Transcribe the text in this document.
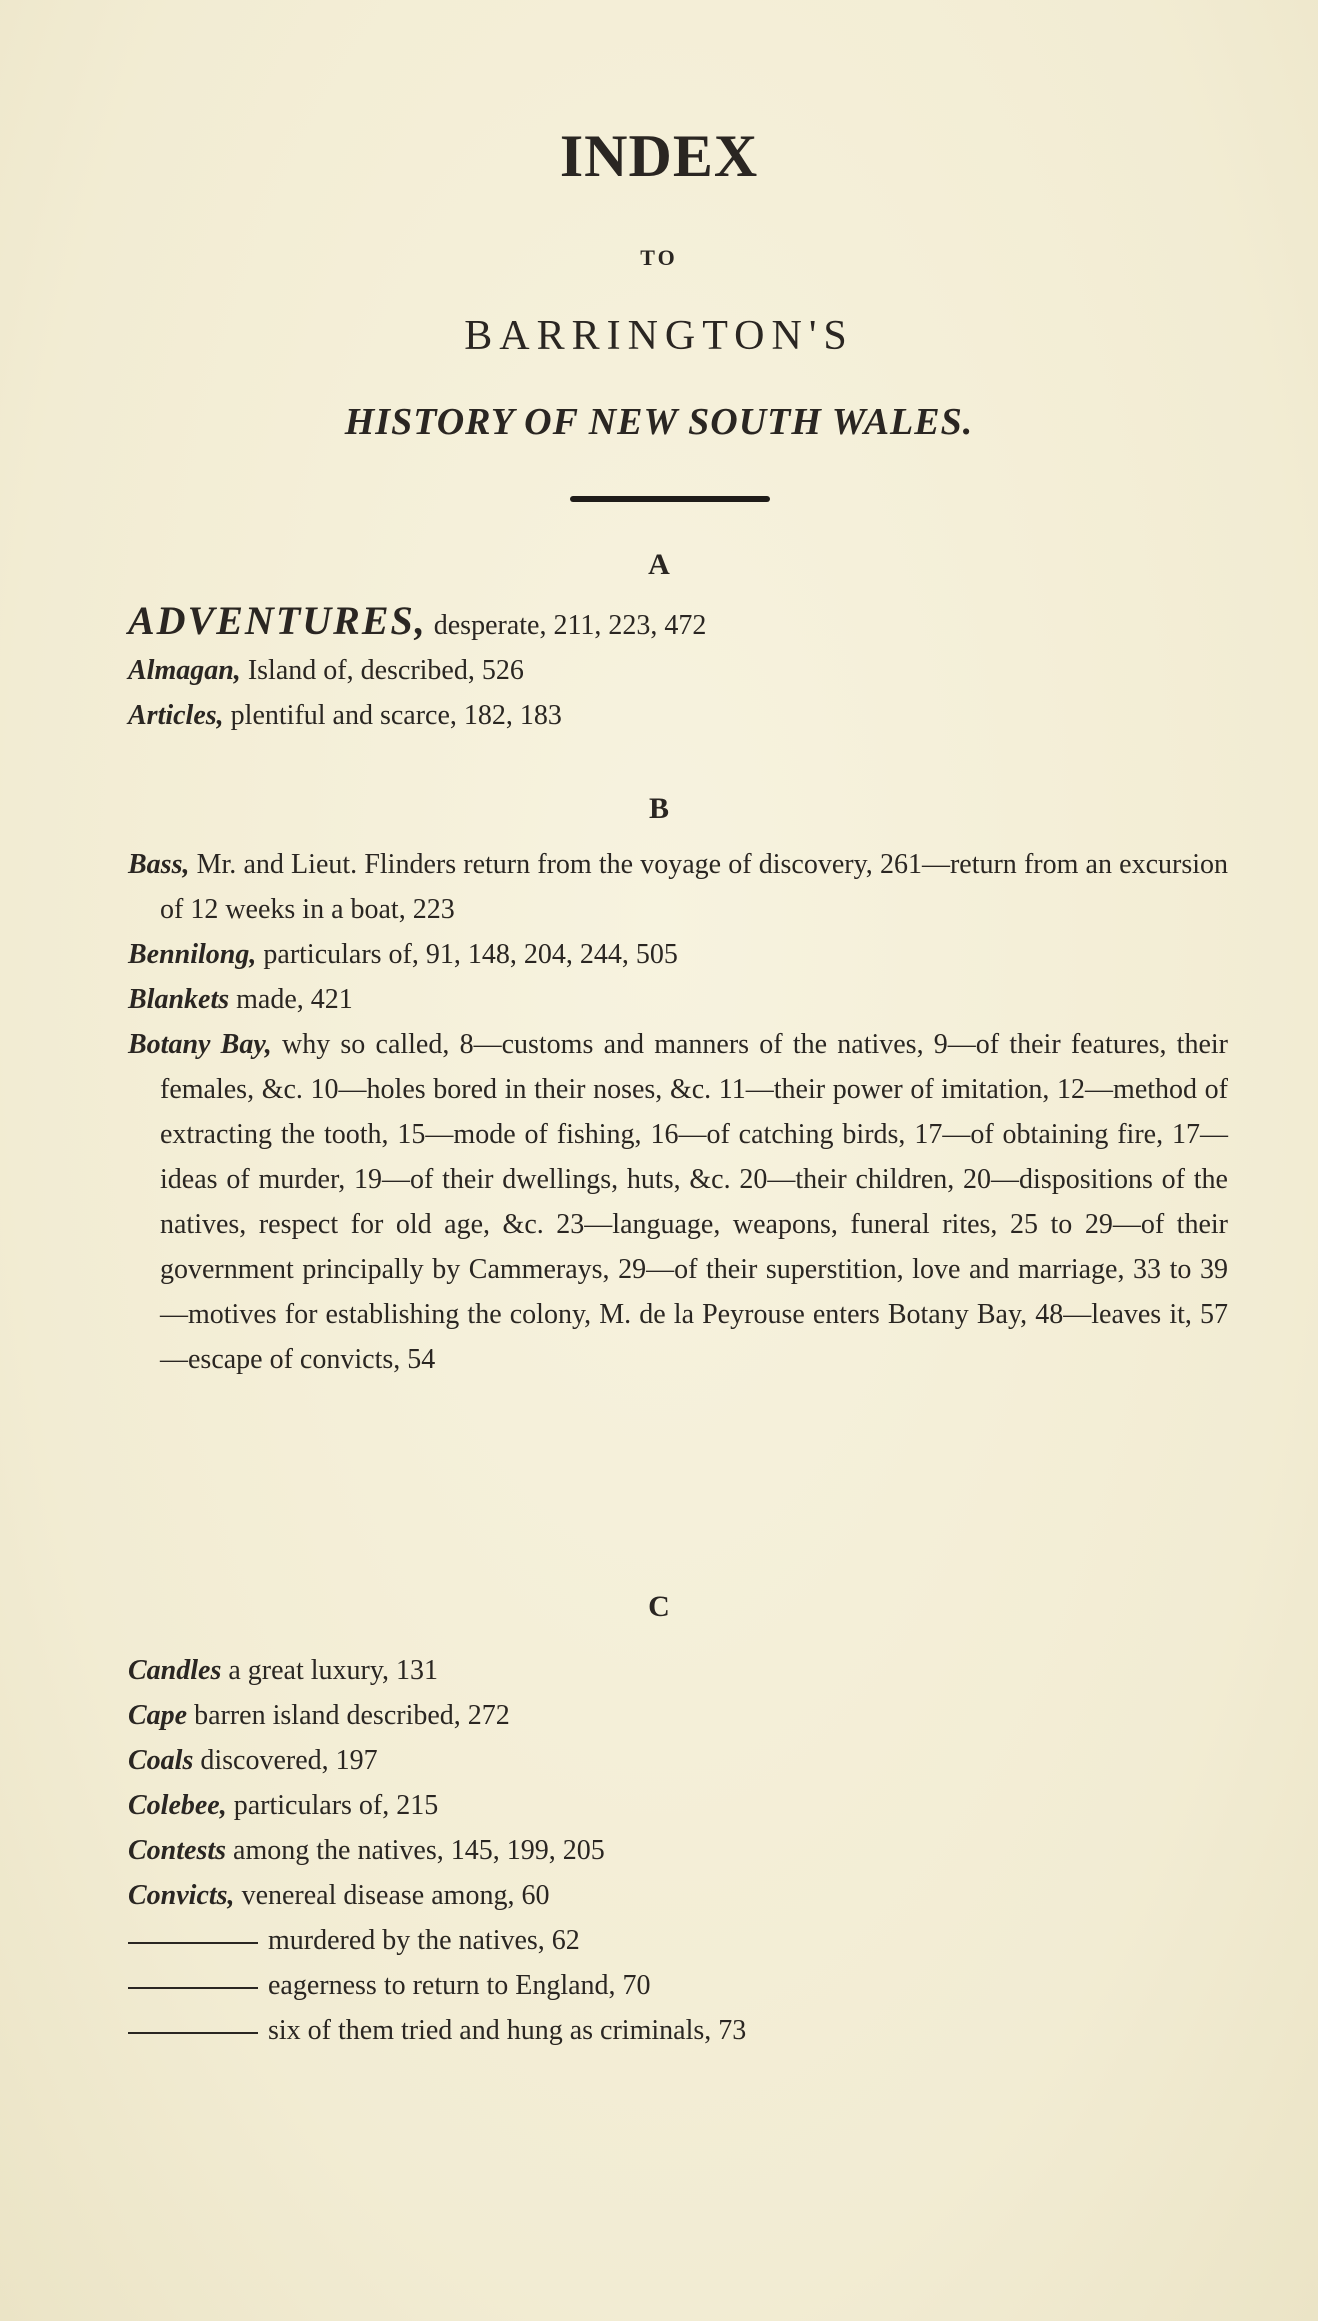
INDEX
TO
BARRINGTON'S
HISTORY OF NEW SOUTH WALES.
A

ADVENTURES, desperate, 211, 223, 472

Almagan, Island of, described, 526

Articles, plentiful and scarce, 182, 183

B

Bass, Mr. and Lieut. Flinders return from the voyage of discovery, 261—return from an excursion of 12 weeks in a boat, 223

Bennilong, particulars of, 91, 148, 204, 244, 505

Blankets made, 421

Botany Bay, why so called, 8—customs and manners of the natives, 9—of their features, their females, &c. 10—holes bored in their noses, &c. 11—their power of imitation, 12—method of extracting the tooth, 15—mode of fishing, 16—of catching birds, 17—of obtaining fire, 17—ideas of murder, 19—of their dwellings, huts, &c. 20—their children, 20—dispositions of the natives, respect for old age, &c. 23—language, weapons, funeral rites, 25 to 29—of their government principally by Cammerays, 29—of their superstition, love and marriage, 33 to 39—motives for establishing the colony, M. de la Peyrouse enters Botany Bay, 48—leaves it, 57—escape of convicts, 54

C

Candles a great luxury, 131

Cape barren island described, 272

Coals discovered, 197

Colebee, particulars of, 215

Contests among the natives, 145, 199, 205

Convicts, venereal disease among, 60

murdered by the natives, 62

eagerness to return to England, 70

six of them tried and hung as criminals, 73
